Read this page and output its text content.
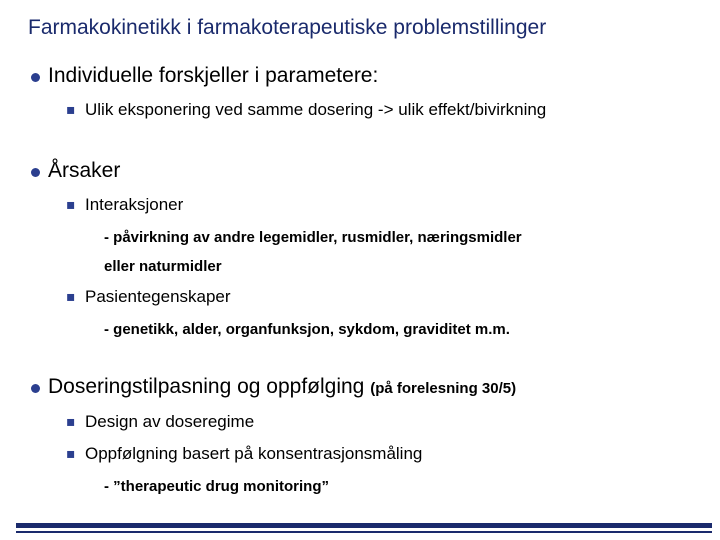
Farmakokinetikk i farmakoterapeutiske problemstillinger
Individuelle forskjeller i parametere:
▪ Ulik eksponering ved samme dosering -> ulik effekt/bivirkning
Årsaker
▪ Interaksjoner
- påvirkning av andre legemidler, rusmidler, næringsmidler
eller naturmidler
▪ Pasientegenskaper
- genetikk, alder, organfunksjon, sykdom, graviditet m.m.
Doseringstilpasning og oppfølging (på forelesning 30/5)
▪ Design av doseregime
▪ Oppfølgning basert på konsentrasjonsmåling
- ”therapeutic drug monitoring”
